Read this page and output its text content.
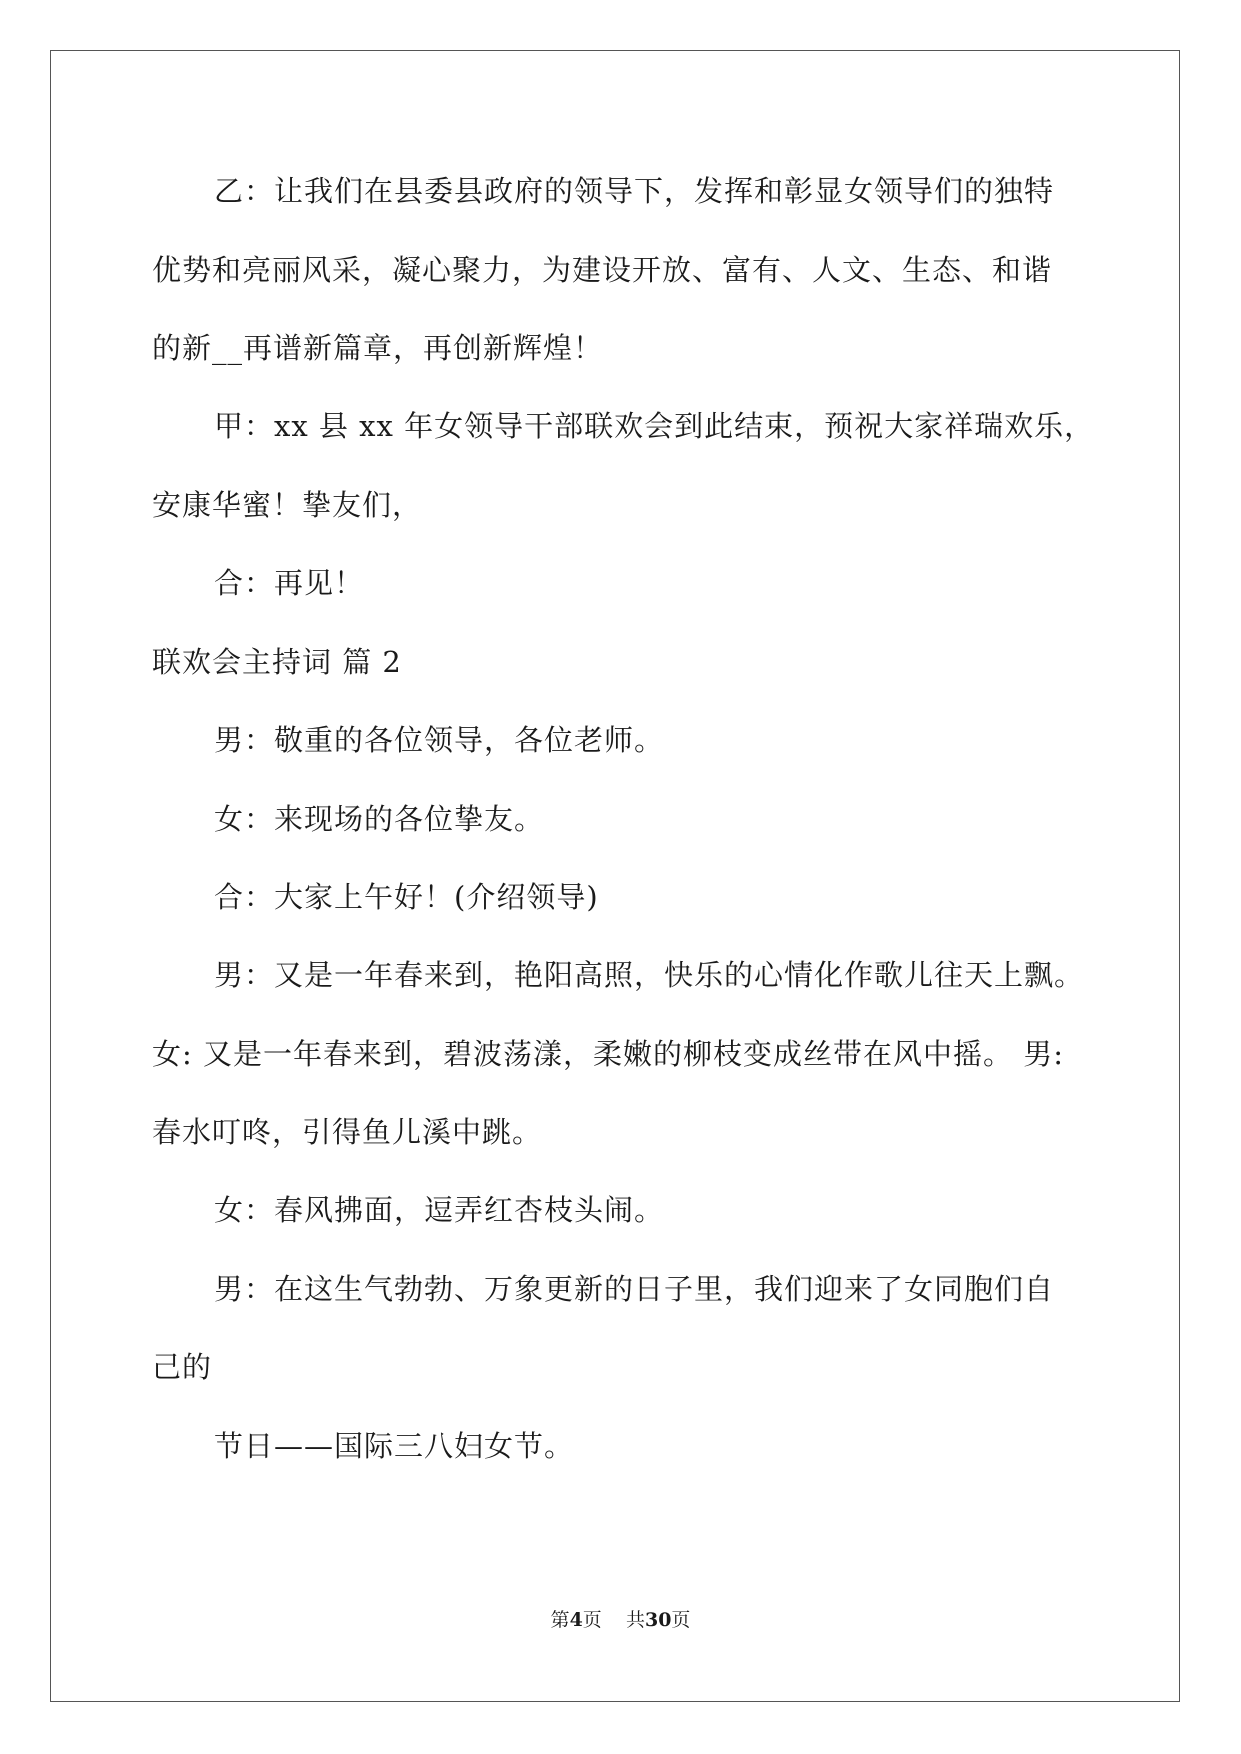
乙：让我们在县委县政府的领导下，发挥和彰显女领导们的独特
优势和亮丽风采，凝心聚力，为建设开放、富有、人文、生态、和谐
的新__再谱新篇章，再创新辉煌！
甲：xx 县 xx 年女领导干部联欢会到此结束，预祝大家祥瑞欢乐，
安康华蜜！挚友们，
合：再见！
联欢会主持词 篇 2
男：敬重的各位领导，各位老师。
女：来现场的各位挚友。
合：大家上午好！(介绍领导)
男：又是一年春来到，艳阳高照，快乐的心情化作歌儿往天上飘。
女: 又是一年春来到，碧波荡漾，柔嫩的柳枝变成丝带在风中摇。 男:
春水叮咚，引得鱼儿溪中跳。
女：春风拂面，逗弄红杏枝头闹。
男：在这生气勃勃、万象更新的日子里，我们迎来了女同胞们自
己的
节日——国际三八妇女节。
第4页    共30页
